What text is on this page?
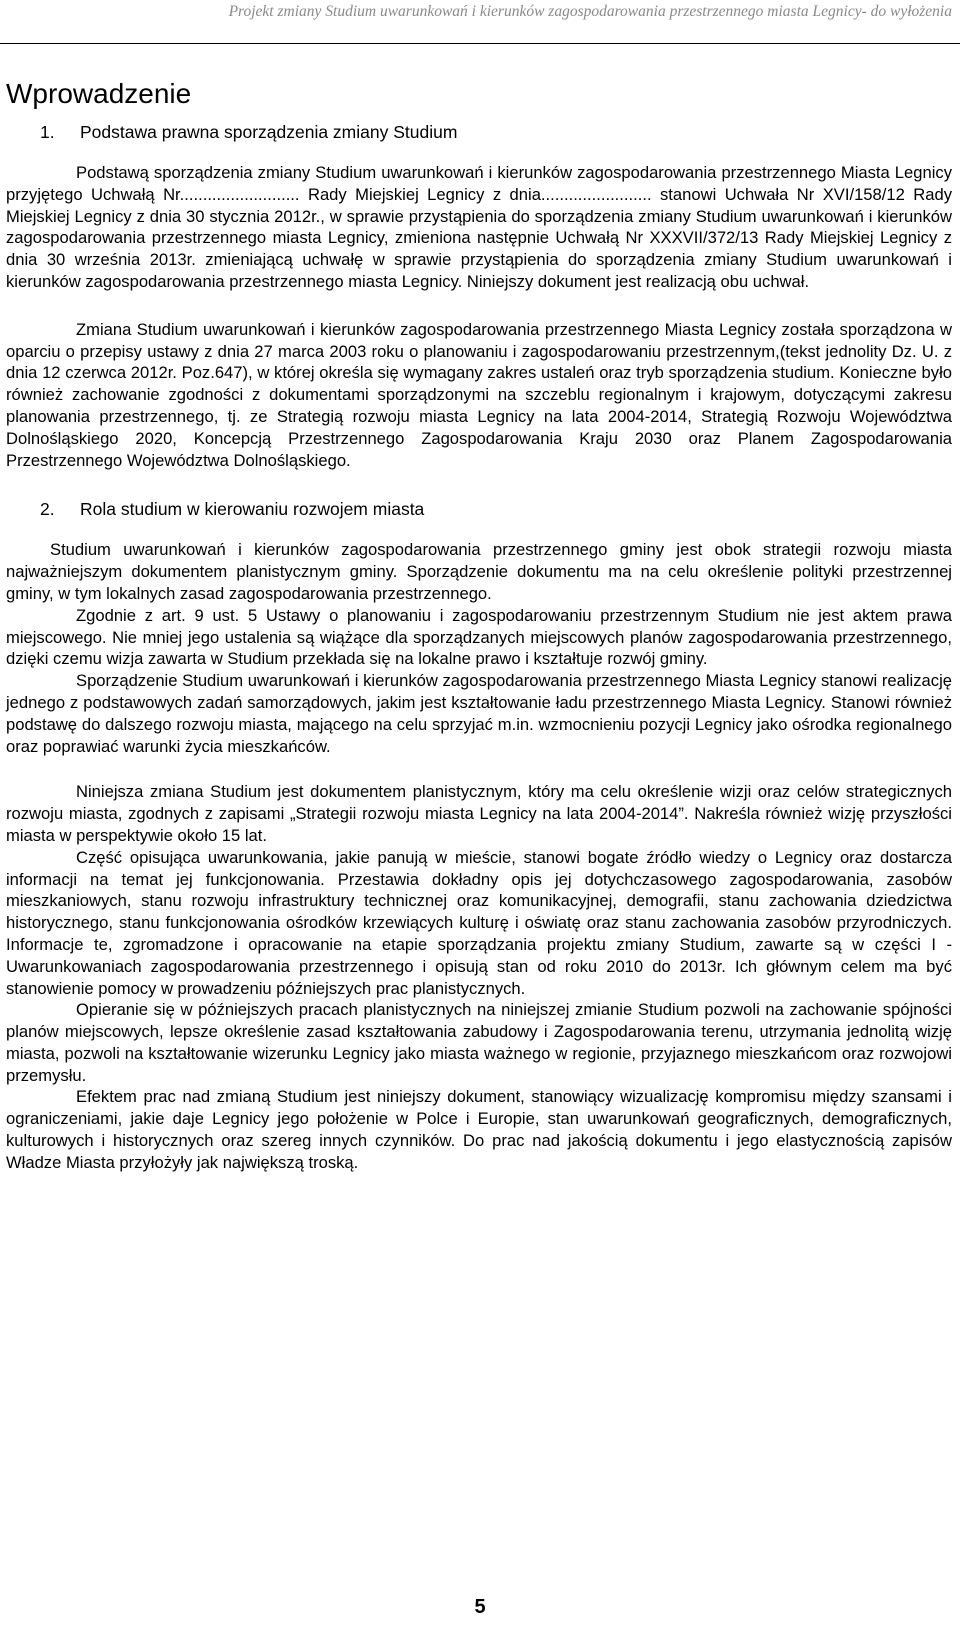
Projekt zmiany Studium uwarunkowań i kierunków zagospodarowania przestrzennego miasta Legnicy- do wyłożenia
Wprowadzenie
1.	Podstawa prawna sporządzenia zmiany Studium

Podstawą sporządzenia zmiany Studium uwarunkowań i kierunków zagospodarowania przestrzennego Miasta Legnicy przyjętego Uchwałą Nr.......................... Rady Miejskiej Legnicy z dnia........................ stanowi Uchwała Nr XVI/158/12 Rady Miejskiej Legnicy z dnia 30 stycznia 2012r., w sprawie przystąpienia do sporządzenia zmiany Studium uwarunkowań i kierunków zagospodarowania przestrzennego miasta Legnicy, zmieniona następnie Uchwałą Nr XXXVII/372/13 Rady Miejskiej Legnicy z dnia 30 września 2013r. zmieniającą uchwałę w sprawie przystąpienia do sporządzenia zmiany Studium uwarunkowań i kierunków zagospodarowania przestrzennego miasta Legnicy. Niniejszy dokument jest realizacją obu uchwał.

Zmiana Studium uwarunkowań i kierunków zagospodarowania przestrzennego Miasta Legnicy została sporządzona w oparciu o przepisy ustawy z dnia 27 marca 2003 roku o planowaniu i zagospodarowaniu przestrzennym,(tekst jednolity Dz. U. z dnia 12 czerwca 2012r. Poz.647), w której określa się wymagany zakres ustaleń oraz tryb sporządzenia studium. Konieczne było również zachowanie zgodności z dokumentami sporządzonymi na szczeblu regionalnym i krajowym, dotyczącymi zakresu planowania przestrzennego, tj. ze Strategią rozwoju miasta Legnicy na lata 2004-2014, Strategią Rozwoju Województwa Dolnośląskiego 2020, Koncepcją Przestrzennego Zagospodarowania Kraju 2030 oraz Planem Zagospodarowania Przestrzennego Województwa Dolnośląskiego.

2.	Rola studium w kierowaniu rozwojem miasta

Studium uwarunkowań i kierunków zagospodarowania przestrzennego gminy jest obok strategii rozwoju miasta najważniejszym dokumentem planistycznym gminy. Sporządzenie dokumentu ma na celu określenie polityki przestrzennej gminy, w tym lokalnych zasad zagospodarowania przestrzennego.

Zgodnie z art. 9 ust. 5 Ustawy o planowaniu i zagospodarowaniu przestrzennym Studium nie jest aktem prawa miejscowego. Nie mniej jego ustalenia są wiążące dla sporządzanych miejscowych planów zagospodarowania przestrzennego, dzięki czemu wizja zawarta w Studium przekłada się na lokalne prawo i kształtuje rozwój gminy.

Sporządzenie Studium uwarunkowań i kierunków zagospodarowania przestrzennego Miasta Legnicy stanowi realizację jednego z podstawowych zadań samorządowych, jakim jest kształtowanie ładu przestrzennego Miasta Legnicy. Stanowi również podstawę do dalszego rozwoju miasta, mającego na celu sprzyjać m.in. wzmocnieniu pozycji Legnicy jako ośrodka regionalnego oraz poprawiać warunki życia mieszkańców.

Niniejsza zmiana Studium jest dokumentem planistycznym, który ma celu określenie wizji oraz celów strategicznych rozwoju miasta, zgodnych z zapisami „Strategii rozwoju miasta Legnicy na lata 2004-2014”. Nakreśla również wizję przyszłości miasta w perspektywie około 15 lat.

Część opisująca uwarunkowania, jakie panują w mieście, stanowi bogate źródło wiedzy o Legnicy oraz dostarcza informacji na temat jej funkcjonowania. Przestawia dokładny opis jej dotychczasowego zagospodarowania, zasobów mieszkaniowych, stanu rozwoju infrastruktury technicznej oraz komunikacyjnej, demografii, stanu zachowania dziedzictwa historycznego, stanu funkcjonowania ośrodków krzewiących kulturę i oświatę oraz stanu zachowania zasobów przyrodniczych. Informacje te, zgromadzone i opracowanie na etapie sporządzania projektu zmiany Studium, zawarte są w części I - Uwarunkowaniach zagospodarowania przestrzennego i opisują stan od roku 2010 do 2013r. Ich głównym celem ma być stanowienie pomocy w prowadzeniu późniejszych prac planistycznych.

Opieranie się w późniejszych pracach planistycznych na niniejszej zmianie Studium pozwoli na zachowanie spójności planów miejscowych, lepsze określenie zasad kształtowania zabudowy i Zagospodarowania terenu, utrzymania jednolitą wizję miasta, pozwoli na kształtowanie wizerunku Legnicy jako miasta ważnego w regionie, przyjaznego mieszkańcom oraz rozwojowi przemysłu.

Efektem prac nad zmianą Studium jest niniejszy dokument, stanowiący wizualizację kompromisu między szansami i ograniczeniami, jakie daje Legnicy jego położenie w Polce i Europie, stan uwarunkowań geograficznych, demograficznych, kulturowych i historycznych oraz szereg innych czynników. Do prac nad jakością dokumentu i jego elastycznością zapisów Władze Miasta przyłożyły jak największą troską.

5
